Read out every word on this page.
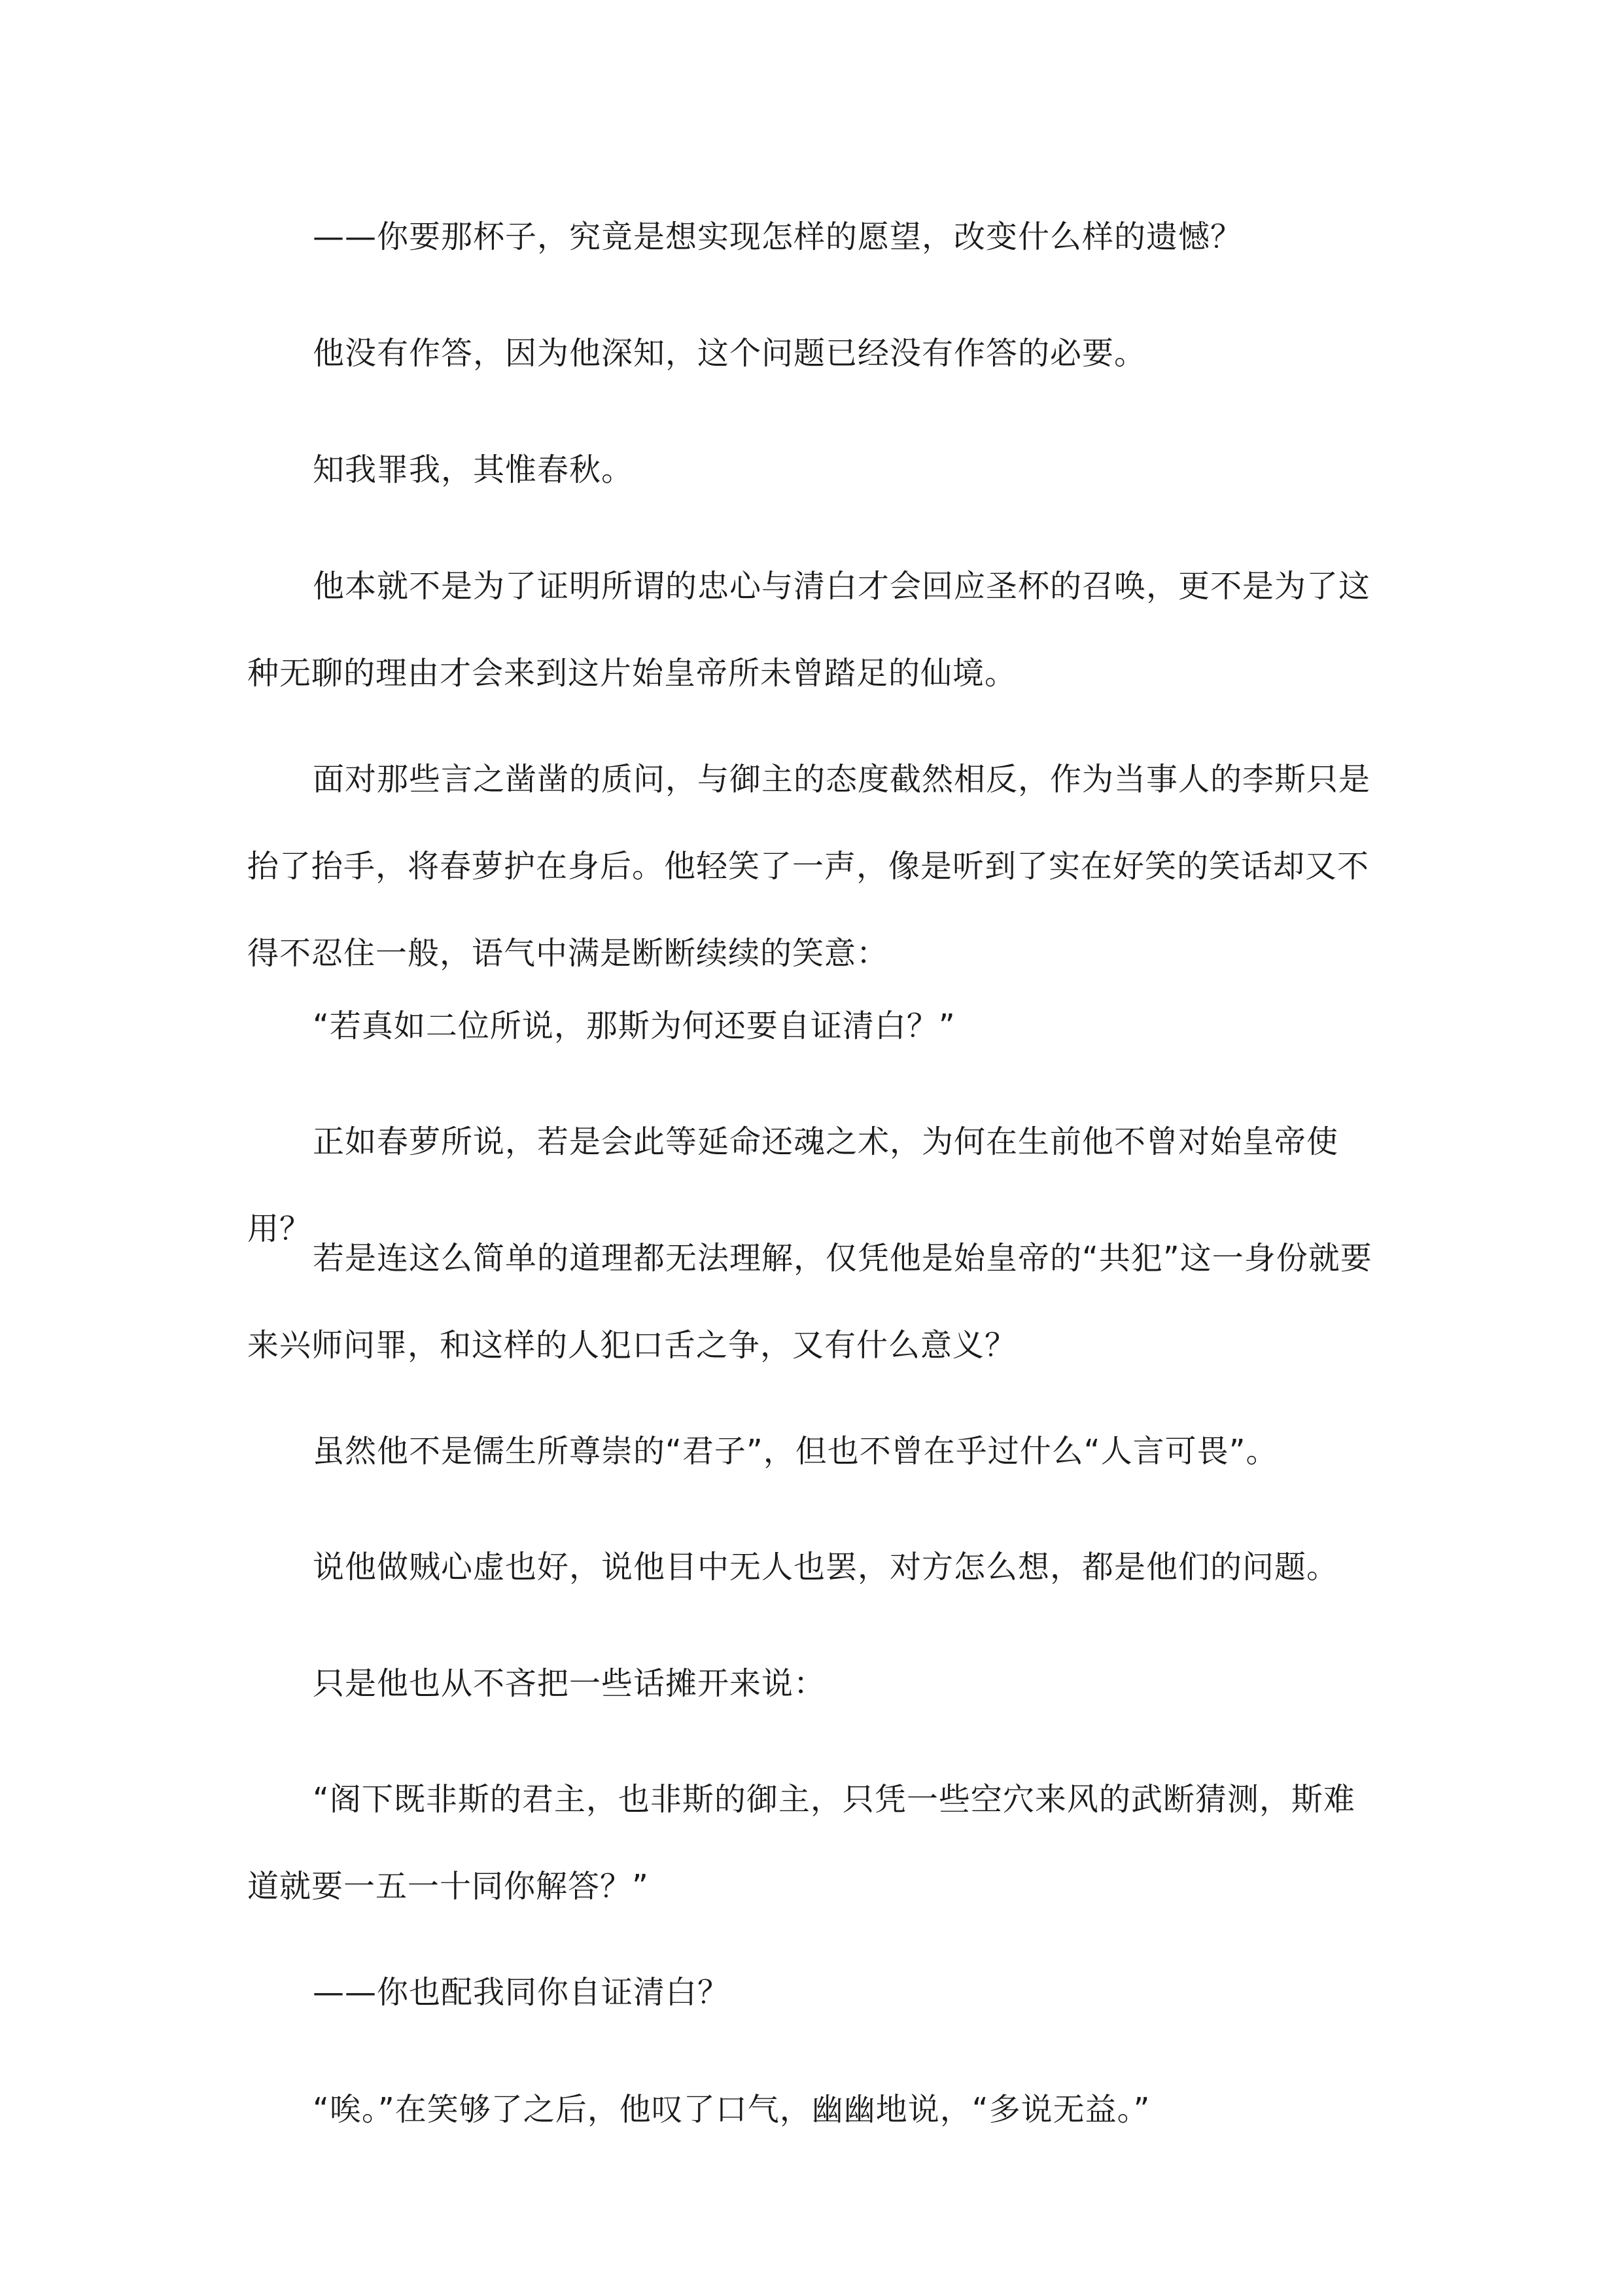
——你要那杯子，究竟是想实现怎样的愿望，改变什么样的遗憾？

他没有作答，因为他深知，这个问题已经没有作答的必要。

知我罪我，其惟春秋。

他本就不是为了证明所谓的忠心与清白才会回应圣杯的召唤，更不是为了这种无聊的理由才会来到这片始皇帝所未曾踏足的仙境。

面对那些言之凿凿的质问，与御主的态度截然相反，作为当事人的李斯只是抬了抬手，将春萝护在身后。他轻笑了一声，像是听到了实在好笑的笑话却又不得不忍住一般，语气中满是断断续续的笑意：

“若真如二位所说，那斯为何还要自证清白？”

正如春萝所说，若是会此等延命还魂之术，为何在生前他不曾对始皇帝使用？

若是连这么简单的道理都无法理解，仅凭他是始皇帝的“共犯”这一身份就要来兴师问罪，和这样的人犯口舌之争，又有什么意义？

虽然他不是儒生所尊崇的“君子”，但也不曾在乎过什么“人言可畏”。

说他做贼心虚也好，说他目中无人也罢，对方怎么想，都是他们的问题。

只是他也从不吝把一些话摊开来说：

“阁下既非斯的君主，也非斯的御主，只凭一些空穴来风的武断猜测，斯难道就要一五一十同你解答？”

——你也配我同你自证清白？

“唉。”在笑够了之后，他叹了口气，幽幽地说，“多说无益。”
